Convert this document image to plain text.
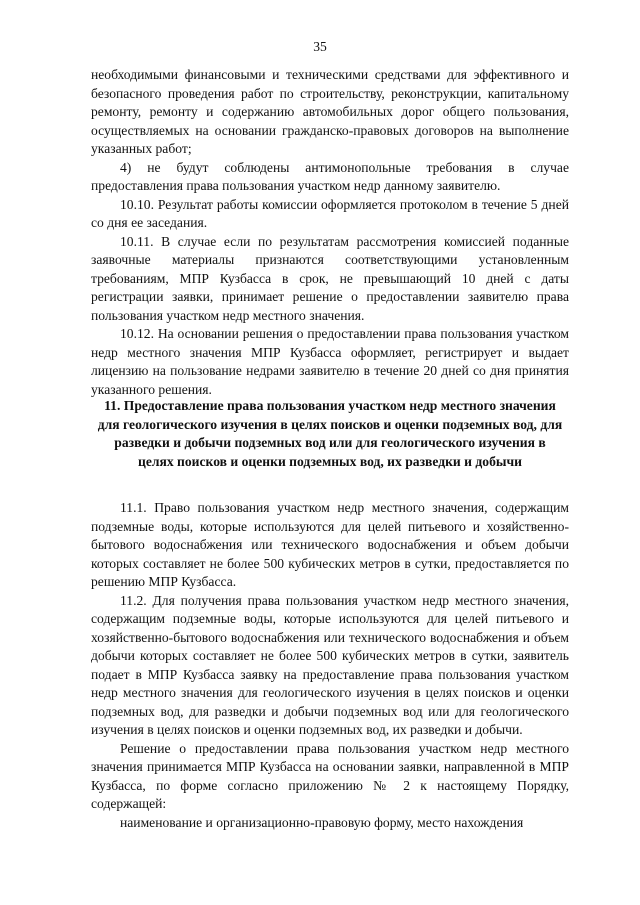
35

необходимыми финансовыми и техническими средствами для эффективного и безопасного проведения работ по строительству, реконструкции, капитальному ремонту, ремонту и содержанию автомобильных дорог общего пользования, осуществляемых на основании гражданско-правовых договоров на выполнение указанных работ;

4) не будут соблюдены антимонопольные требования в случае предоставления права пользования участком недр данному заявителю.

10.10. Результат работы комиссии оформляется протоколом в течение 5 дней со дня ее заседания.

10.11. В случае если по результатам рассмотрения комиссией поданные заявочные материалы признаются соответствующими установленным требованиям, МПР Кузбасса в срок, не превышающий 10 дней с даты регистрации заявки, принимает решение о предоставлении заявителю права пользования участком недр местного значения.

10.12. На основании решения о предоставлении права пользования участком недр местного значения МПР Кузбасса оформляет, регистрирует и выдает лицензию на пользование недрами заявителю в течение 20 дней со дня принятия указанного решения.

11. Предоставление права пользования участком недр местного значения для геологического изучения в целях поисков и оценки подземных вод, для разведки и добычи подземных вод или для геологического изучения в целях поисков и оценки подземных вод, их разведки и добычи

11.1. Право пользования участком недр местного значения, содержащим подземные воды, которые используются для целей питьевого и хозяйственно-бытового водоснабжения или технического водоснабжения и объем добычи которых составляет не более 500 кубических метров в сутки, предоставляется по решению МПР Кузбасса.

11.2. Для получения права пользования участком недр местного значения, содержащим подземные воды, которые используются для целей питьевого и хозяйственно-бытового водоснабжения или технического водоснабжения и объем добычи которых составляет не более 500 кубических метров в сутки, заявитель подает в МПР Кузбасса заявку на предоставление права пользования участком недр местного значения для геологического изучения в целях поисков и оценки подземных вод, для разведки и добычи подземных вод или для геологического изучения в целях поисков и оценки подземных вод, их разведки и добычи.

Решение о предоставлении права пользования участком недр местного значения принимается МПР Кузбасса на основании заявки, направленной в МПР Кузбасса, по форме согласно приложению № 2 к настоящему Порядку, содержащей:

наименование и организационно-правовую форму, место нахождения
